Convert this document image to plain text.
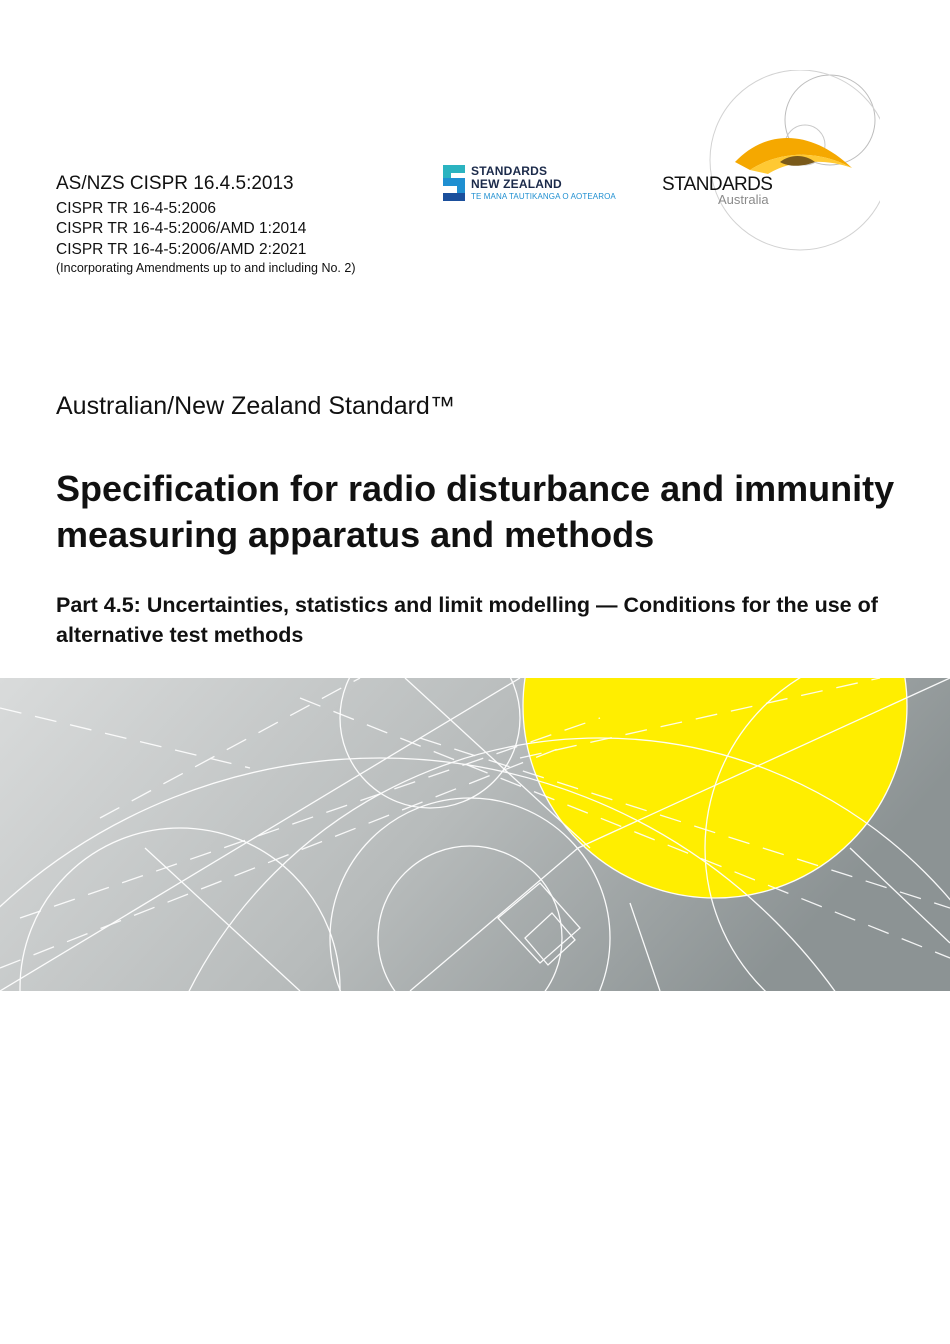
AS/NZS CISPR 16.4.5:2013
CISPR TR 16-4-5:2006
CISPR TR 16-4-5:2006/AMD 1:2014
CISPR TR 16-4-5:2006/AMD 2:2021
(Incorporating Amendments up to and including No. 2)
STANDARDS
NEW ZEALAND
TE MANA TAUTIKANGA O AOTEAROA
STANDARDS
Australia
Australian/New Zealand Standard™
Specification for radio disturbance and immunity measuring apparatus and methods
Part 4.5: Uncertainties, statistics and limit modelling — Conditions for the use of alternative test methods
